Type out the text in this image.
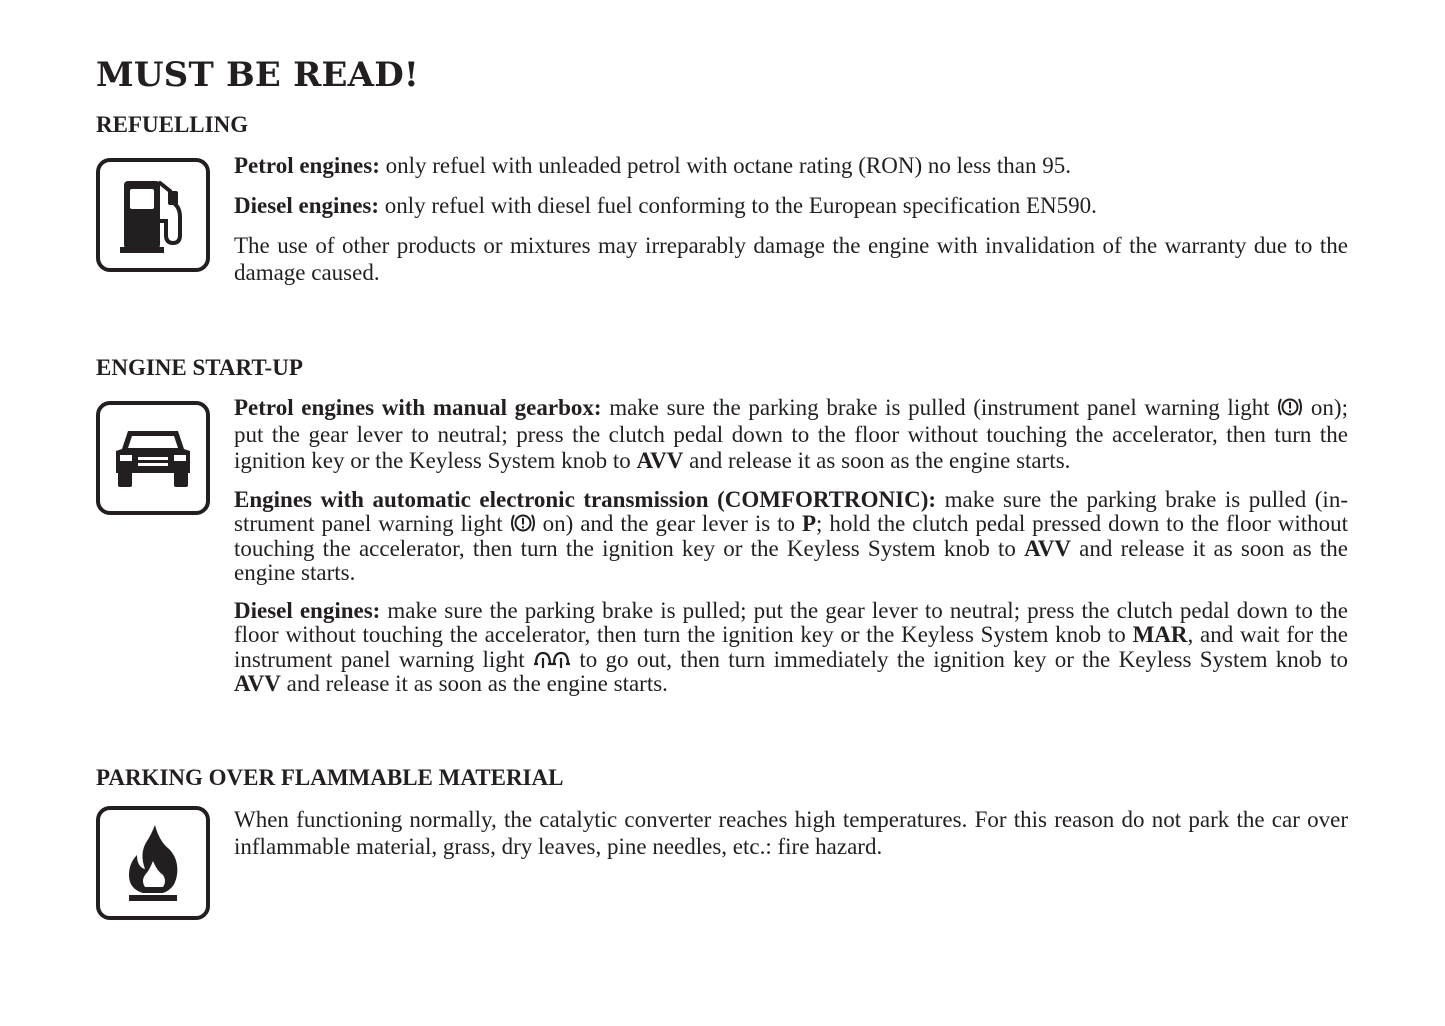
MUST BE READ!
REFUELLING

Petrol engines: only refuel with unleaded petrol with octane rating (RON) no less than 95.

Diesel engines: only refuel with diesel fuel conforming to the European specification EN590.

The use of other products or mixtures may irreparably damage the engine with invalidation of the warranty due to the damage caused.

ENGINE START-UP

Petrol engines with manual gearbox: make sure the parking brake is pulled (instrument panel warning light  on); put the gear lever to neutral; press the clutch pedal down to the floor without touching the accelerator, then turn the ignition key or the Keyless System knob to AVV and release it as soon as the engine starts.

Engines with automatic electronic transmission (COMFORTRONIC): make sure the parking brake is pulled (in-strument panel warning light  on) and the gear lever is to P; hold the clutch pedal pressed down to the floor without touching the accelerator, then turn the ignition key or the Keyless System knob to AVV and release it as soon as the engine starts.

Diesel engines: make sure the parking brake is pulled; put the gear lever to neutral; press the clutch pedal down to the floor without touching the accelerator, then turn the ignition key or the Keyless System knob to MAR, and wait for the instrument panel warning light  to go out, then turn immediately the ignition key or the Keyless System knob to AVV and release it as soon as the engine starts.

PARKING OVER FLAMMABLE MATERIAL

When functioning normally, the catalytic converter reaches high temperatures. For this reason do not park the car over inflammable material, grass, dry leaves, pine needles, etc.: fire hazard.
